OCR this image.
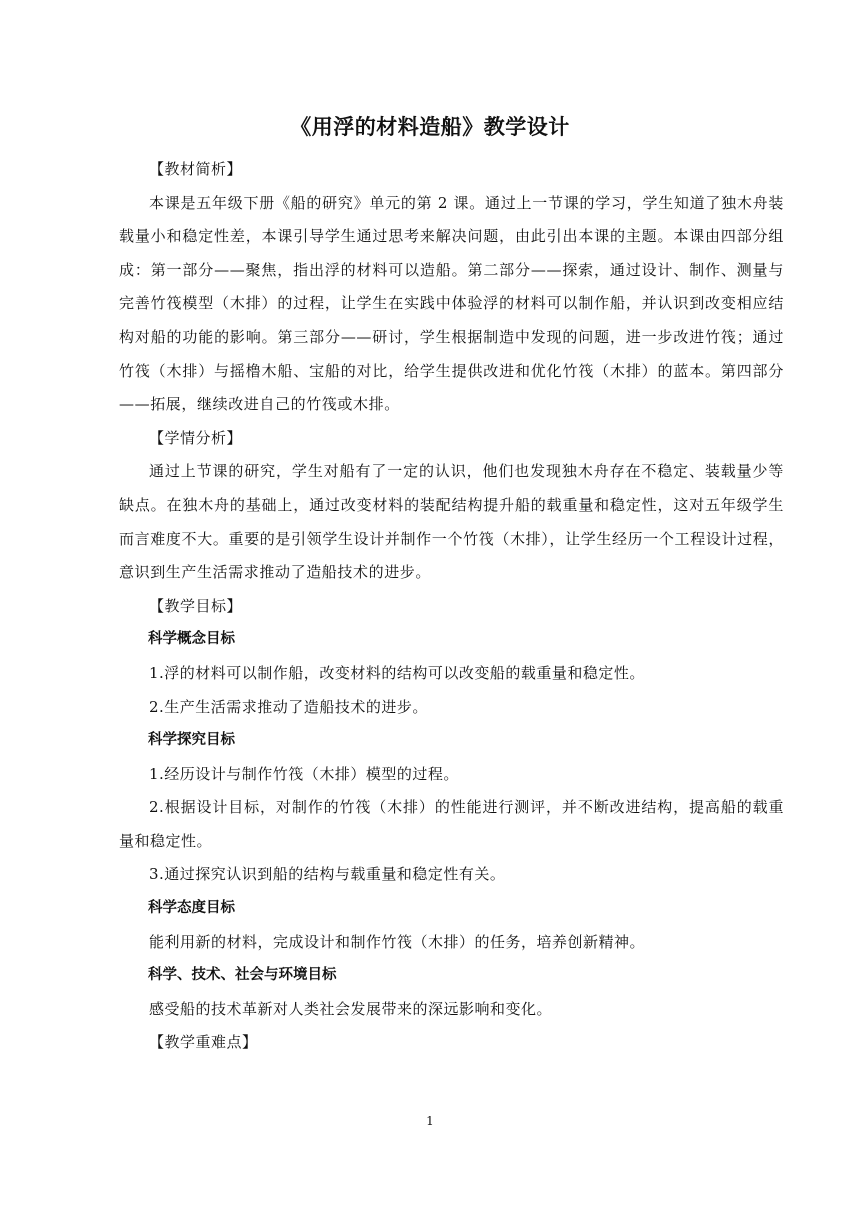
《用浮的材料造船》教学设计

【教材简析】

本课是五年级下册《船的研究》单元的第 2 课。通过上一节课的学习，学生知道了独木舟装载量小和稳定性差，本课引导学生通过思考来解决问题，由此引出本课的主题。本课由四部分组成：第一部分——聚焦，指出浮的材料可以造船。第二部分——探索，通过设计、制作、测量与完善竹筏模型（木排）的过程，让学生在实践中体验浮的材料可以制作船，并认识到改变相应结构对船的功能的影响。第三部分——研讨，学生根据制造中发现的问题，进一步改进竹筏；通过竹筏（木排）与摇橹木船、宝船的对比，给学生提供改进和优化竹筏（木排）的蓝本。第四部分——拓展，继续改进自己的竹筏或木排。

【学情分析】

通过上节课的研究，学生对船有了一定的认识，他们也发现独木舟存在不稳定、装载量少等缺点。在独木舟的基础上，通过改变材料的装配结构提升船的载重量和稳定性，这对五年级学生而言难度不大。重要的是引领学生设计并制作一个竹筏（木排），让学生经历一个工程设计过程，意识到生产生活需求推动了造船技术的进步。

【教学目标】

科学概念目标

1.浮的材料可以制作船，改变材料的结构可以改变船的载重量和稳定性。

2.生产生活需求推动了造船技术的进步。

科学探究目标

1.经历设计与制作竹筏（木排）模型的过程。

2.根据设计目标，对制作的竹筏（木排）的性能进行测评，并不断改进结构，提高船的载重量和稳定性。

3.通过探究认识到船的结构与载重量和稳定性有关。

科学态度目标

能利用新的材料，完成设计和制作竹筏（木排）的任务，培养创新精神。

科学、技术、社会与环境目标

感受船的技术革新对人类社会发展带来的深远影响和变化。

【教学重难点】

1
